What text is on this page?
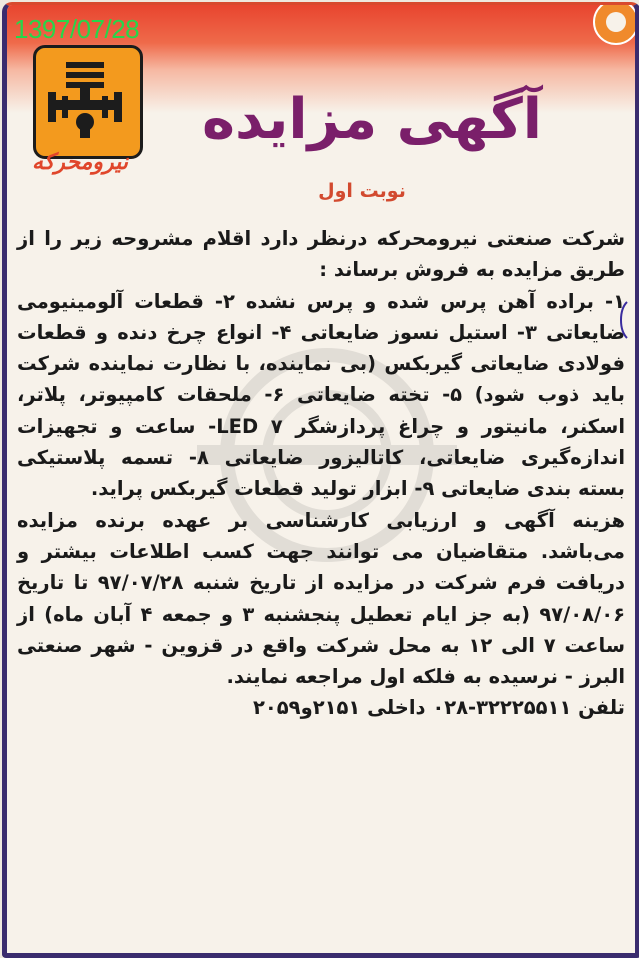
آگهی مزایده
نوبت اول

شرکت صنعتی نیرومحرکه درنظر دارد اقلام مشروحه زیر را از طریق مزایده به فروش برساند :

۱- براده آهن پرس شده و پرس نشده ۲- قطعات آلومینیومی ضایعاتی ۳- استیل نسوز ضایعاتی ۴- انواع چرخ دنده و قطعات فولادی ضایعاتی گیربکس (بی نماینده، با نظارت نماینده شرکت باید ذوب شود) ۵- تخته ضایعاتی ۶- ملحقات کامپیوتر، پلاتر، اسکنر، مانیتور و چراغ پردازشگر LED ۷- ساعت و تجهیزات اندازه‌گیری ضایعاتی، کاتالیزور ضایعاتی ۸- تسمه پلاستیکی بسته بندی ضایعاتی ۹- ابزار تولید قطعات گیربکس پراید.

هزینه آگهی و ارزیابی کارشناسی بر عهده برنده مزایده می‌باشد. متقاضیان می توانند جهت کسب اطلاعات بیشتر و دریافت فرم شرکت در مزایده از تاریخ شنبه ۹۷/۰۷/۲۸ تا تاریخ ۹۷/۰۸/۰۶ (به جز ایام تعطیل پنجشنبه ۳ و جمعه ۴ آبان ماه) از ساعت ۷ الی ۱۲ به محل شرکت واقع در قزوین - شهر صنعتی البرز - نرسیده به فلکه اول مراجعه نمایند.

تلفن ۳۲۲۲۵۵۱۱-۰۲۸ داخلی ۲۱۵۱و۲۰۵۹

1397/07/28
نیرومحرکه
